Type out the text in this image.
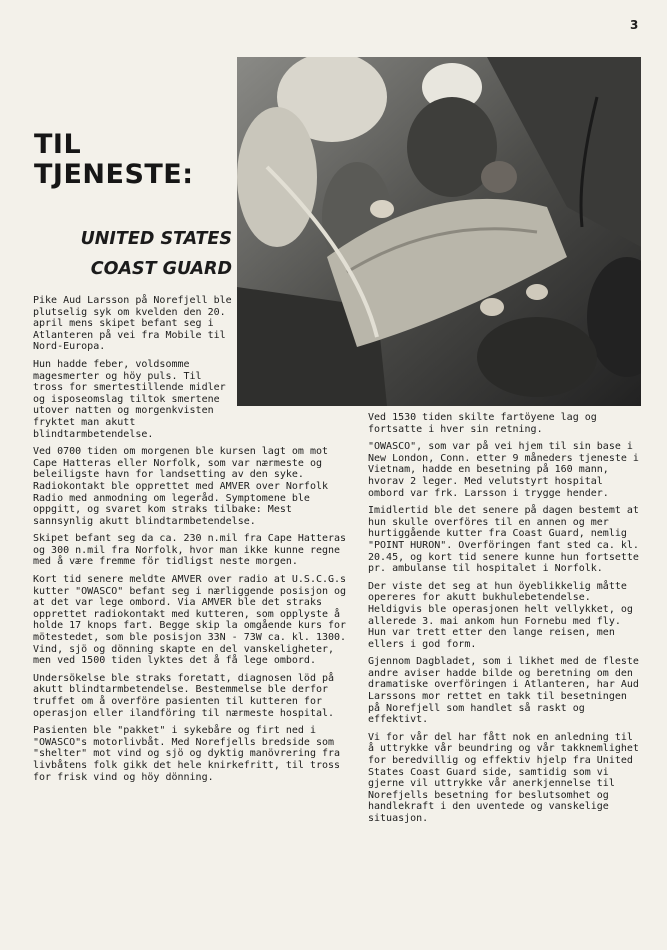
3
TIL
TJENESTE:
UNITED STATES
COAST GUARD

Pike Aud Larsson på Norefjell ble plutselig syk om kvelden den 20. april mens skipet befant seg i Atlanteren på vei fra Mobile til Nord-Europa.

Hun hadde feber, voldsomme magesmerter og höy puls. Til tross for smertestillende midler og isposeomslag tiltok smertene utover natten og morgenkvisten fryktet man akutt blindtarmbetendelse.

Ved 0700 tiden om morgenen ble kursen lagt om mot Cape Hatteras eller Norfolk, som var nærmeste og beleiligste havn for landsetting av den syke. Radiokontakt ble opprettet med AMVER over Norfolk Radio med anmodning om legeråd. Symptomene ble oppgitt, og svaret kom straks tilbake: Mest sannsynlig akutt blindtarmbetendelse.

Skipet befant seg da ca. 230 n.mil fra Cape Hatteras og 300 n.mil fra Norfolk, hvor man ikke kunne regne med å være fremme för tidligst neste morgen.

Kort tid senere meldte AMVER over radio at U.S.C.G.s kutter "OWASCO" befant seg i nærliggende posisjon og at det var lege ombord. Via AMVER ble det straks opprettet radiokontakt med kutteren, som opplyste å holde 17 knops fart. Begge skip la omgående kurs for mötestedet, som ble posisjon 33N - 73W ca. kl. 1300. Vind, sjö og dönning skapte en del vanskeligheter, men ved 1500 tiden lyktes det å få lege ombord.

Undersökelse ble straks foretatt, diagnosen löd på akutt blindtarmbetendelse. Bestemmelse ble derfor truffet om å overföre pasienten til kutteren for operasjon eller ilandföring til nærmeste hospital.

Pasienten ble "pakket" i sykebåre og firt ned i "OWASCO"s motorlivbåt. Med Norefjells bredside som "shelter" mot vind og sjö og dyktig manövrering fra livbåtens folk gikk det hele knirkefritt, til tross for frisk vind og höy dönning.

Ved 1530 tiden skilte fartöyene lag og fortsatte i hver sin retning.

"OWASCO", som var på vei hjem til sin base i New London, Conn. etter 9 måneders tjeneste i Vietnam, hadde en besetning på 160 mann, hvorav 2 leger. Med velutstyrt hospital ombord var frk. Larsson i trygge hender.

Imidlertid ble det senere på dagen bestemt at hun skulle overföres til en annen og mer hurtiggående kutter fra Coast Guard, nemlig "POINT HURON". Overföringen fant sted ca. kl. 20.45, og kort tid senere kunne hun fortsette pr. ambulanse til hospitalet i Norfolk.

Der viste det seg at hun öyeblikkelig måtte opereres for akutt bukhulebetendelse. Heldigvis ble operasjonen helt vellykket, og allerede 3. mai ankom hun Fornebu med fly. Hun var trett etter den lange reisen, men ellers i god form.

Gjennom Dagbladet, som i likhet med de fleste andre aviser hadde bilde og beretning om den dramatiske overföringen i Atlanteren, har Aud Larssons mor rettet en takk til besetningen på Norefjell som handlet så raskt og effektivt.

Vi for vår del har fått nok en anledning til å uttrykke vår beundring og vår takknemlighet for beredvillig og effektiv hjelp fra United States Coast Guard side, samtidig som vi gjerne vil uttrykke vår anerkjennelse til Norefjells besetning for beslutsomhet og handlekraft i den uventede og vanskelige situasjon.
